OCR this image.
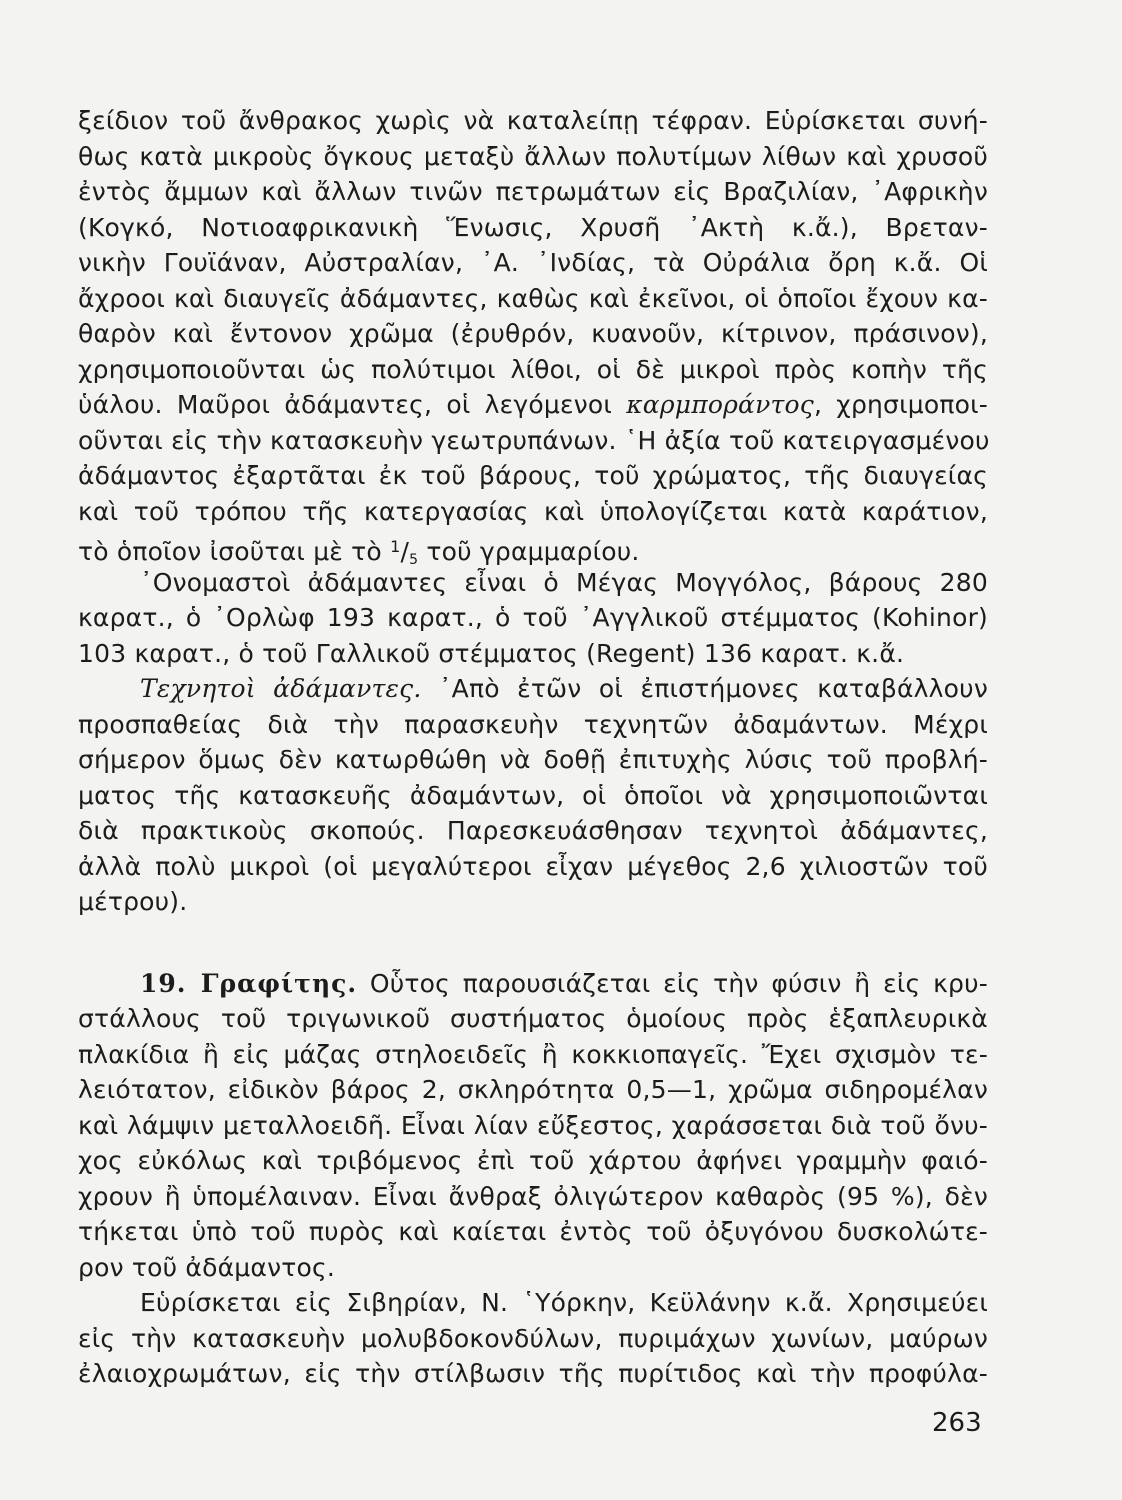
ξείδιον τοῦ ἄνθρακος χωρὶς νὰ καταλείπῃ τέφραν. Εὑρίσκεται συνή-
θως κατὰ μικροὺς ὄγκους μεταξὺ ἄλλων πολυτίμων λίθων καὶ χρυσοῦ
ἐντὸς ἄμμων καὶ ἄλλων τινῶν πετρωμάτων εἰς Βραζιλίαν, ᾿Αφρικὴν
(Κογκό, Νοτιοαφρικανικὴ Ἕνωσις, Χρυσῆ ᾿Ακτὴ κ.ἄ.), Βρεταν-
νικὴν Γουϊάναν, Αὐστραλίαν, ᾿Α. ᾿Ινδίας, τὰ Οὐράλια ὄρη κ.ἄ. Οἱ
ἄχροοι καὶ διαυγεῖς ἀδάμαντες, καθὼς καὶ ἐκεῖνοι, οἱ ὁποῖοι ἔχουν κα-
θαρὸν καὶ ἔντονον χρῶμα (ἐρυθρόν, κυανοῦν, κίτρινον, πράσινον),
χρησιμοποιοῦνται ὡς πολύτιμοι λίθοι, οἱ δὲ μικροὶ πρὸς κοπὴν τῆς
ὑάλου. Μαῦροι ἀδάμαντες, οἱ λεγόμενοι καρμποράντος, χρησιμοποι-
οῦνται εἰς τὴν κατασκευὴν γεωτρυπάνων. ῾Η ἀξία τοῦ κατειργασμένου
ἀδάμαντος ἐξαρτᾶται ἐκ τοῦ βάρους, τοῦ χρώματος, τῆς διαυγείας
καὶ τοῦ τρόπου τῆς κατεργασίας καὶ ὑπολογίζεται κατὰ καράτιον,
τὸ ὁποῖον ἰσοῦται μὲ τὸ $^1/_5$ τοῦ γραμμαρίου.
᾿Ονομαστοὶ ἀδάμαντες εἶναι ὁ Μέγας Μογγόλος, βάρους 280
καρατ., ὁ ᾿Ορλὼφ 193 καρατ., ὁ τοῦ ᾿Αγγλικοῦ στέμματος (Kohinor)
103 καρατ., ὁ τοῦ Γαλλικοῦ στέμματος (Regent) 136 καρατ. κ.ἄ.
Τεχνητοὶ ἀδάμαντες. ᾿Απὸ ἐτῶν οἱ ἐπιστήμονες καταβάλλουν
προσπαθείας διὰ τὴν παρασκευὴν τεχνητῶν ἀδαμάντων. Μέχρι
σήμερον ὅμως δὲν κατωρθώθη νὰ δοθῇ ἐπιτυχὴς λύσις τοῦ προβλή-
ματος τῆς κατασκευῆς ἀδαμάντων, οἱ ὁποῖοι νὰ χρησιμοποιῶνται
διὰ πρακτικοὺς σκοπούς. Παρεσκευάσθησαν τεχνητοὶ ἀδάμαντες,
ἀλλὰ πολὺ μικροὶ (οἱ μεγαλύτεροι εἶχαν μέγεθος 2,6 χιλιοστῶν τοῦ
μέτρου).
19. Γραφίτης. Οὗτος παρουσιάζεται εἰς τὴν φύσιν ἢ εἰς κρυ-
στάλλους τοῦ τριγωνικοῦ συστήματος ὁμοίους πρὸς ἑξαπλευρικὰ
πλακίδια ἢ εἰς μάζας στηλοειδεῖς ἢ κοκκιοπαγεῖς. Ἔχει σχισμὸν τε-
λειότατον, εἰδικὸν βάρος 2, σκληρότητα 0,5—1, χρῶμα σιδηρομέλαν
καὶ λάμψιν μεταλλοειδῆ. Εἶναι λίαν εὔξεστος, χαράσσεται διὰ τοῦ ὄνυ-
χος εὐκόλως καὶ τριβόμενος ἐπὶ τοῦ χάρτου ἀφήνει γραμμὴν φαιό-
χρουν ἢ ὑπομέλαιναν. Εἶναι ἄνθραξ ὀλιγώτερον καθαρὸς (95 %), δὲν
τήκεται ὑπὸ τοῦ πυρὸς καὶ καίεται ἐντὸς τοῦ ὀξυγόνου δυσκολώτε-
ρον τοῦ ἀδάμαντος.
Εὑρίσκεται εἰς Σιβηρίαν, Ν. ῾Υόρκην, Κεϋλάνην κ.ἄ. Χρησιμεύει
εἰς τὴν κατασκευὴν μολυβδοκονδύλων, πυριμάχων χωνίων, μαύρων
ἐλαιοχρωμάτων, εἰς τὴν στίλβωσιν τῆς πυρίτιδος καὶ τὴν προφύλα-
263
